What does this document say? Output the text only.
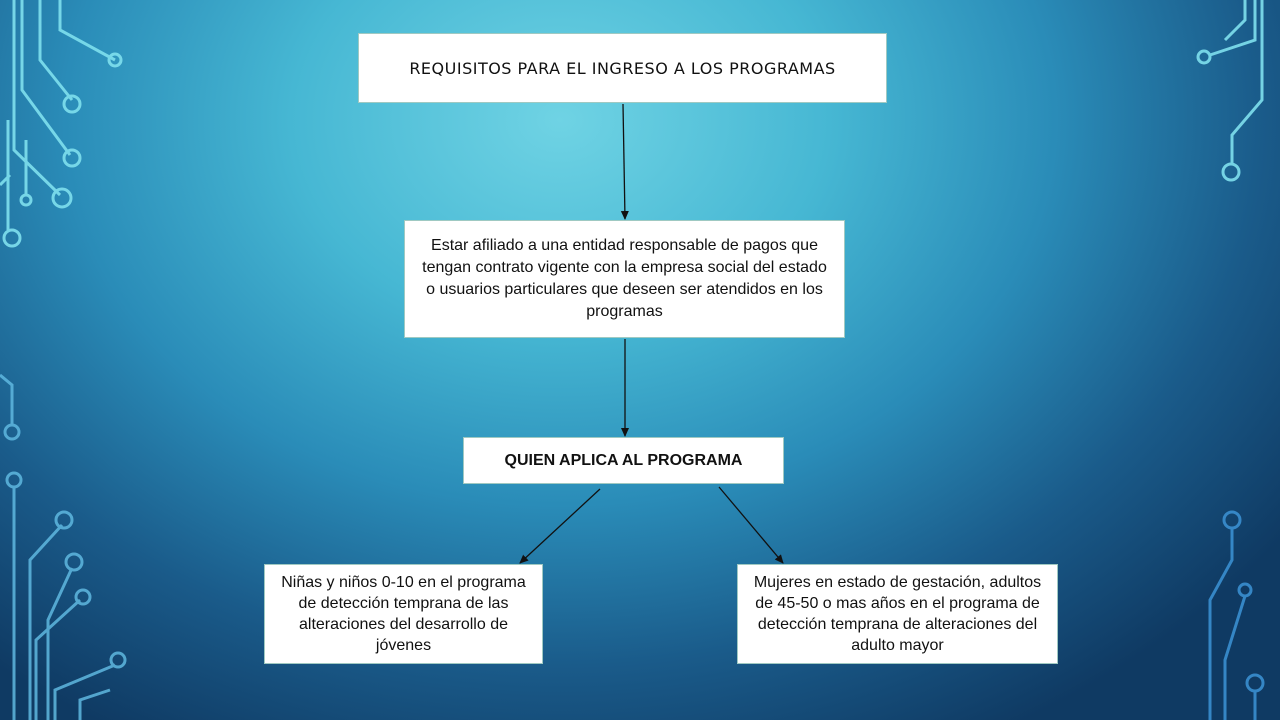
REQUISITOS PARA EL INGRESO A LOS PROGRAMAS
Estar afiliado a una entidad responsable de pagos que tengan contrato vigente con la empresa social del estado o usuarios particulares que deseen ser atendidos en los programas
QUIEN APLICA AL PROGRAMA
Niñas y niños 0-10 en el programa de detección temprana de las alteraciones del desarrollo de jóvenes
Mujeres en estado de gestación, adultos de 45-50 o mas años en el programa de detección temprana de alteraciones del adulto mayor
